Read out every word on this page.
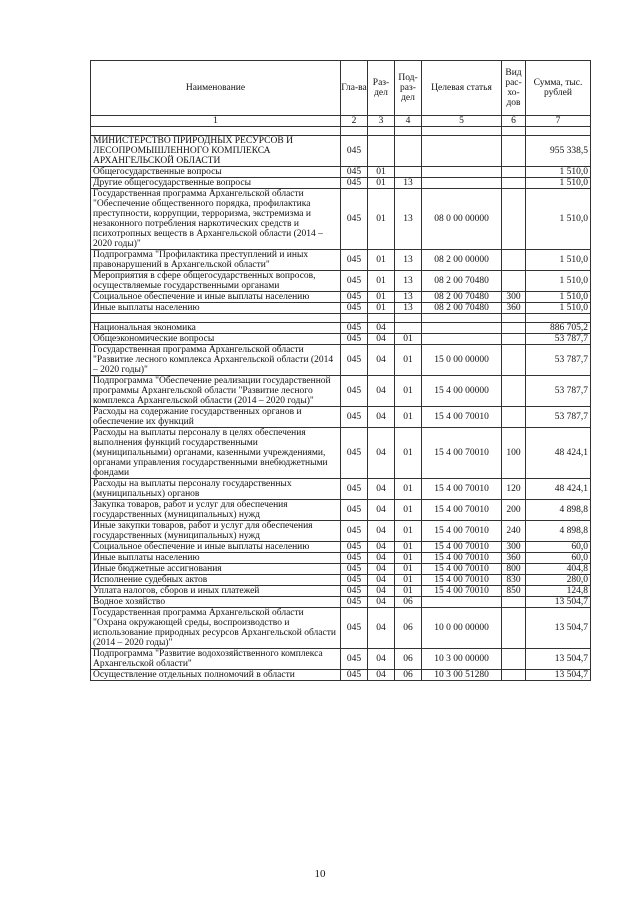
Наименование	Гла-ва	Раз-дел	Под-раз-дел	Целевая статья	Вид рас-хо-дов	Сумма, тыс. рублей
1	2	3	4	5	6	7

МИНИСТЕРСТВО ПРИРОДНЫХ РЕСУРСОВ И ЛЕСОПРОМЫШЛЕННОГО КОМПЛЕКСА АРХАНГЕЛЬСКОЙ ОБЛАСТИ	045					955 338,5
Общегосударственные вопросы	045	01				1 510,0
Другие общегосударственные вопросы	045	01	13			1 510,0
Государственная программа Архангельской области "Обеспечение общественного порядка, профилактика преступности, коррупции, терроризма, экстремизма и незаконного потребления наркотических средств и психотропных веществ в Архангельской области (2014 – 2020 годы)"	045	01	13	08 0 00 00000		1 510,0
Подпрограмма "Профилактика преступлений и иных правонарушений в Архангельской области"	045	01	13	08 2 00 00000		1 510,0
Мероприятия в сфере общегосударственных вопросов, осуществляемые государственными органами	045	01	13	08 2 00 70480		1 510,0
Социальное обеспечение и иные выплаты населению	045	01	13	08 2 00 70480	300	1 510,0
Иные выплаты населению	045	01	13	08 2 00 70480	360	1 510,0

Национальная экономика	045	04				886 705,2
Общеэкономические вопросы	045	04	01			53 787,7
Государственная программа Архангельской области "Развитие лесного комплекса Архангельской области (2014 – 2020 годы)"	045	04	01	15 0 00 00000		53 787,7
Подпрограмма "Обеспечение реализации государственной программы Архангельской области "Развитие лесного комплекса Архангельской области (2014 – 2020 годы)"	045	04	01	15 4 00 00000		53 787,7
Расходы на содержание государственных органов и обеспечение их функций	045	04	01	15 4 00 70010		53 787,7
Расходы на выплаты персоналу в целях обеспечения выполнения функций государственными (муниципальными) органами, казенными учреждениями, органами управления государственными внебюджетными фондами	045	04	01	15 4 00 70010	100	48 424,1
Расходы на выплаты персоналу государственных (муниципальных) органов	045	04	01	15 4 00 70010	120	48 424,1
Закупка товаров, работ и услуг для обеспечения государственных (муниципальных) нужд	045	04	01	15 4 00 70010	200	4 898,8
Иные закупки товаров, работ и услуг для обеспечения государственных (муниципальных) нужд	045	04	01	15 4 00 70010	240	4 898,8
Социальное обеспечение и иные выплаты населению	045	04	01	15 4 00 70010	300	60,0
Иные выплаты населению	045	04	01	15 4 00 70010	360	60,0
Иные бюджетные ассигнования	045	04	01	15 4 00 70010	800	404,8
Исполнение судебных актов	045	04	01	15 4 00 70010	830	280,0
Уплата налогов, сборов и иных платежей	045	04	01	15 4 00 70010	850	124,8
Водное хозяйство	045	04	06			13 504,7
Государственная программа Архангельской области "Охрана окружающей среды, воспроизводство и использование природных ресурсов Архангельской области (2014 – 2020 годы)"	045	04	06	10 0 00 00000		13 504,7
Подпрограмма "Развитие водохозяйственного комплекса Архангельской области"	045	04	06	10 3 00 00000		13 504,7
Осуществление отдельных полномочий в области	045	04	06	10 3 00 51280		13 504,7
10
